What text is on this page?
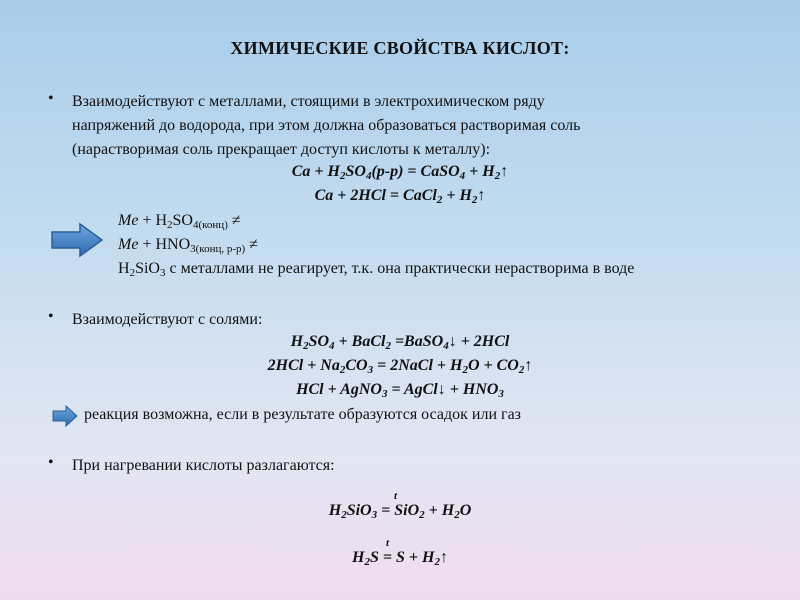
ХИМИЧЕСКИЕ СВОЙСТВА КИСЛОТ:
• Взаимодействуют с металлами, стоящими в электрохимическом ряду
напряжений до водорода, при этом должна образоваться растворимая соль
(нарастворимая соль прекращает доступ кислоты к металлу):
$Ca + H_2SO_4(р-р)$ = CaSO$_4$ + $H_2↑$
Ca + 2HCl = CaCl$_2$ + $H_2↑$
$Me + H_2SO_{4(конц)}$ ≠
$Me + HNO_{3(конц, р-р)}$ ≠
$H_2SiO_3$ с металлами не реагирует, т.к. она практически нерастворима в воде
• Взаимодействуют с солями:
$H_2SO_4$ + BaCl$_2$ =BaSO$_4$↓ + 2HCl
$2HCl + Na_2CO_3$ = 2NaCl + $H_2O$ + $CO_2↑$
HCl + AgNO$_3$ = AgCl↓ + $HNO_3$
реакция возможна, если в результате образуются осадок или газ
• При нагревании кислоты разлагаются:
t
$H_2SiO_3 = SiO_2 + H_2O$
t
$H_2S = S$ + $H_2↑$
